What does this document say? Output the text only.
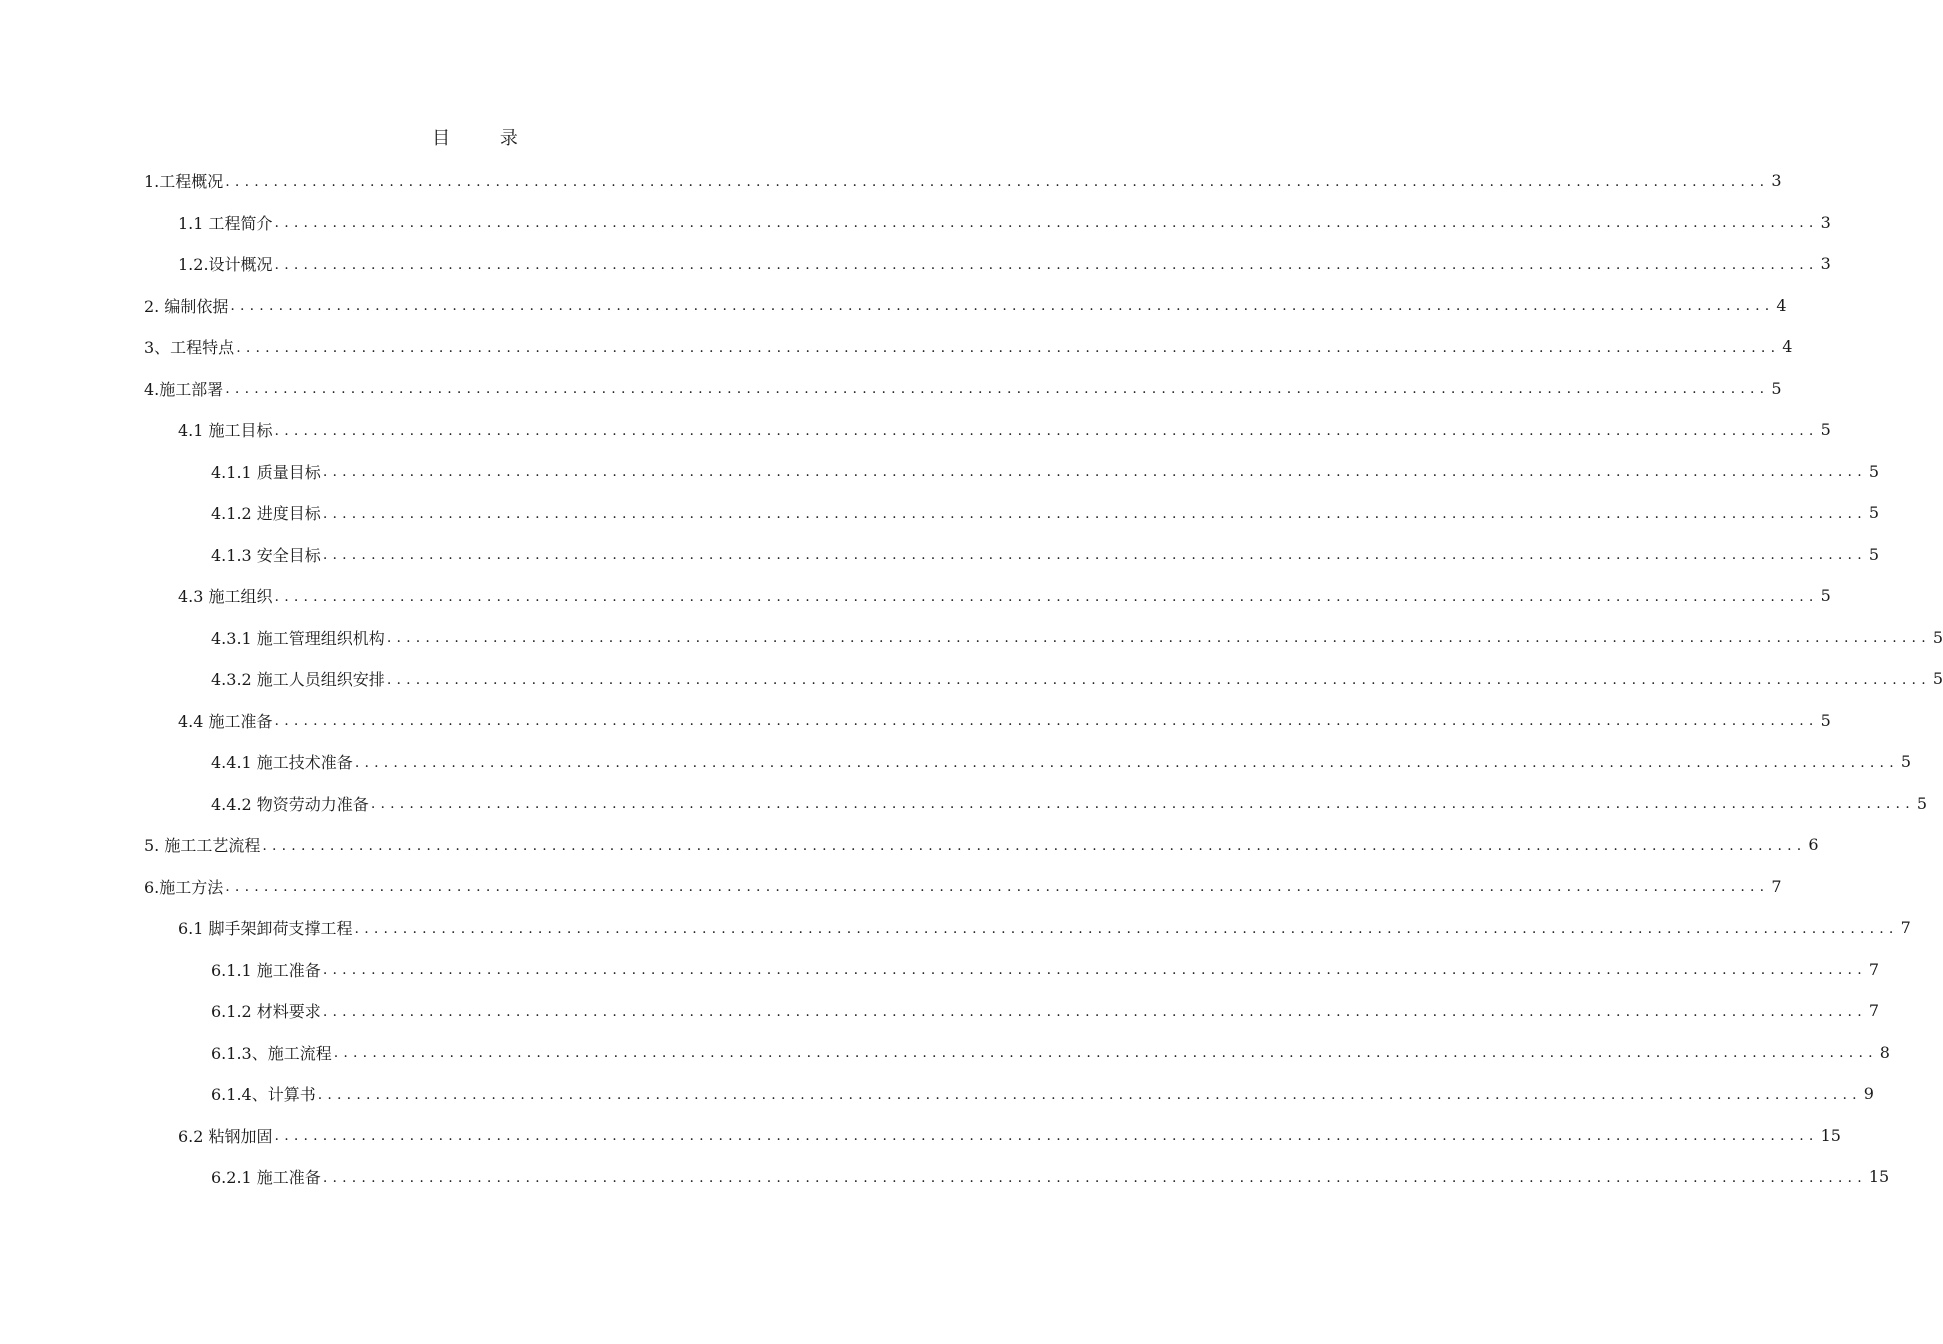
目 录
1.工程概况 ................................................................................................................................................................ 3
1.1 工程简介 ................................................................................................................................................................ 3
1.2.设计概况 ................................................................................................................................................................ 3
2. 编制依据 ................................................................................................................................................................ 4
3、工程特点 ................................................................................................................................................................ 4
4.施工部署 ................................................................................................................................................................ 5
4.1 施工目标 ................................................................................................................................................................ 5
4.1.1 质量目标 ................................................................................................................................................................ 5
4.1.2 进度目标 ................................................................................................................................................................ 5
4.1.3 安全目标 ................................................................................................................................................................ 5
4.3 施工组织 ................................................................................................................................................................ 5
4.3.1 施工管理组织机构 ................................................................................................................................................................ 5
4.3.2 施工人员组织安排 ................................................................................................................................................................ 5
4.4 施工准备 ................................................................................................................................................................ 5
4.4.1 施工技术准备 ................................................................................................................................................................ 5
4.4.2 物资劳动力准备 ................................................................................................................................................................ 5
5. 施工工艺流程 ................................................................................................................................................................ 6
6.施工方法 ................................................................................................................................................................ 7
6.1 脚手架卸荷支撑工程 ................................................................................................................................................................ 7
6.1.1 施工准备 ................................................................................................................................................................ 7
6.1.2 材料要求 ................................................................................................................................................................ 7
6.1.3、施工流程 ................................................................................................................................................................ 8
6.1.4、计算书 ................................................................................................................................................................ 9
6.2 粘钢加固 ................................................................................................................................................................ 15
6.2.1 施工准备 ................................................................................................................................................................ 15
